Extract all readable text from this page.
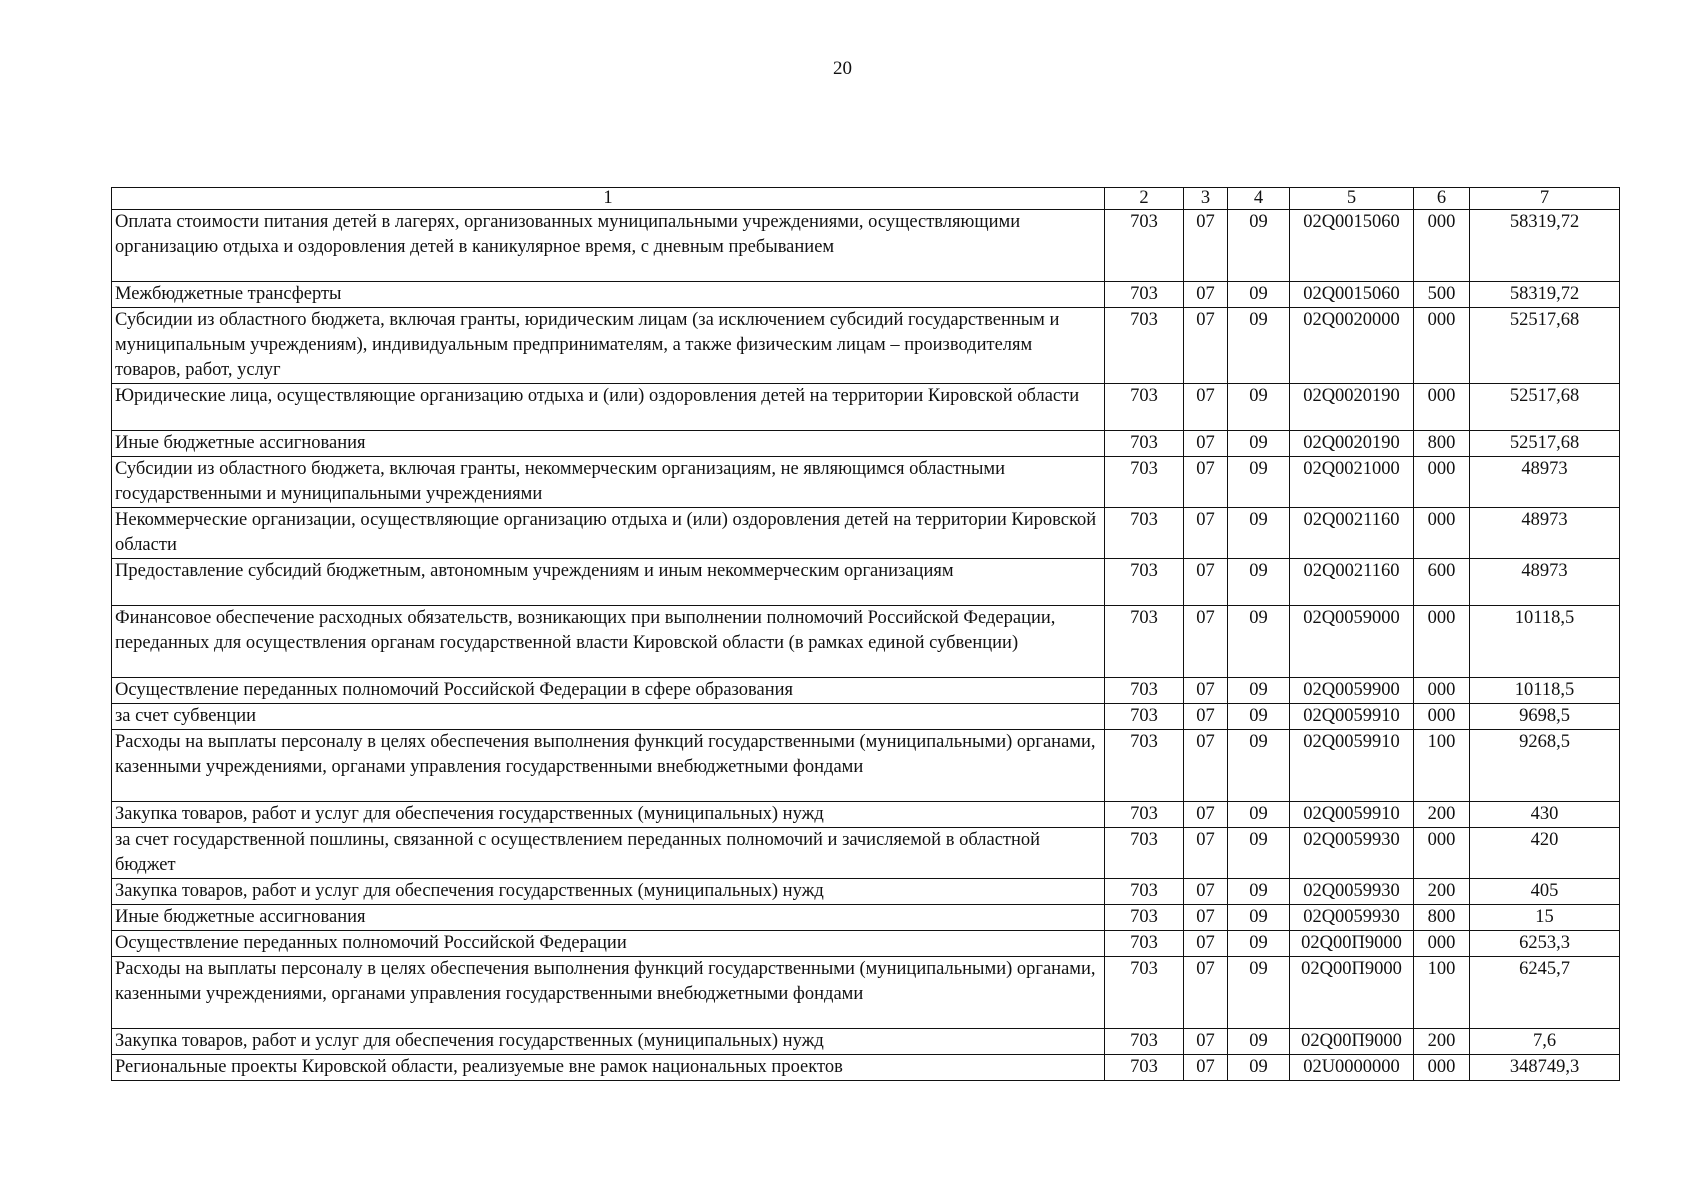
20
1	2	3	4	5	6	7
Оплата стоимости питания детей в лагерях, организованных муниципальными учреждениями, осуществляющими организацию отдыха и оздоровления детей в каникулярное время, с дневным пребыванием	703	07	09	02Q0015060	000	58319,72
Межбюджетные трансферты	703	07	09	02Q0015060	500	58319,72
Субсидии из областного бюджета, включая гранты, юридическим лицам (за исключением субсидий государственным и муниципальным учреждениям), индивидуальным предпринимателям, а также физическим лицам – производителям товаров, работ, услуг	703	07	09	02Q0020000	000	52517,68
Юридические лица, осуществляющие организацию отдыха и (или) оздоровления детей на территории Кировской области	703	07	09	02Q0020190	000	52517,68
Иные бюджетные ассигнования	703	07	09	02Q0020190	800	52517,68
Субсидии из областного бюджета, включая гранты, некоммерческим организациям, не являющимся областными государственными и муниципальными учреждениями	703	07	09	02Q0021000	000	48973
Некоммерческие организации, осуществляющие организацию отдыха и (или) оздоровления детей на территории Кировской области	703	07	09	02Q0021160	000	48973
Предоставление субсидий бюджетным, автономным учреждениям и иным некоммерческим организациям	703	07	09	02Q0021160	600	48973
Финансовое обеспечение расходных обязательств, возникающих при выполнении полномочий Российской Федерации, переданных для осуществления органам государственной власти Кировской области (в рамках единой субвенции)	703	07	09	02Q0059000	000	10118,5
Осуществление переданных полномочий Российской Федерации в сфере образования	703	07	09	02Q0059900	000	10118,5
за счет субвенции	703	07	09	02Q0059910	000	9698,5
Расходы на выплаты персоналу в целях обеспечения выполнения функций государственными (муниципальными) органами, казенными учреждениями, органами управления государственными внебюджетными фондами	703	07	09	02Q0059910	100	9268,5
Закупка товаров, работ и услуг для обеспечения государственных (муниципальных) нужд	703	07	09	02Q0059910	200	430
за счет государственной пошлины, связанной с осуществлением переданных полномочий и зачисляемой в областной бюджет	703	07	09	02Q0059930	000	420
Закупка товаров, работ и услуг для обеспечения государственных (муниципальных) нужд	703	07	09	02Q0059930	200	405
Иные бюджетные ассигнования	703	07	09	02Q0059930	800	15
Осуществление переданных полномочий Российской Федерации	703	07	09	02Q00П9000	000	6253,3
Расходы на выплаты персоналу в целях обеспечения выполнения функций государственными (муниципальными) органами, казенными учреждениями, органами управления государственными внебюджетными фондами	703	07	09	02Q00П9000	100	6245,7
Закупка товаров, работ и услуг для обеспечения государственных (муниципальных) нужд	703	07	09	02Q00П9000	200	7,6
Региональные проекты Кировской области, реализуемые вне рамок национальных проектов	703	07	09	02U0000000	000	348749,3
